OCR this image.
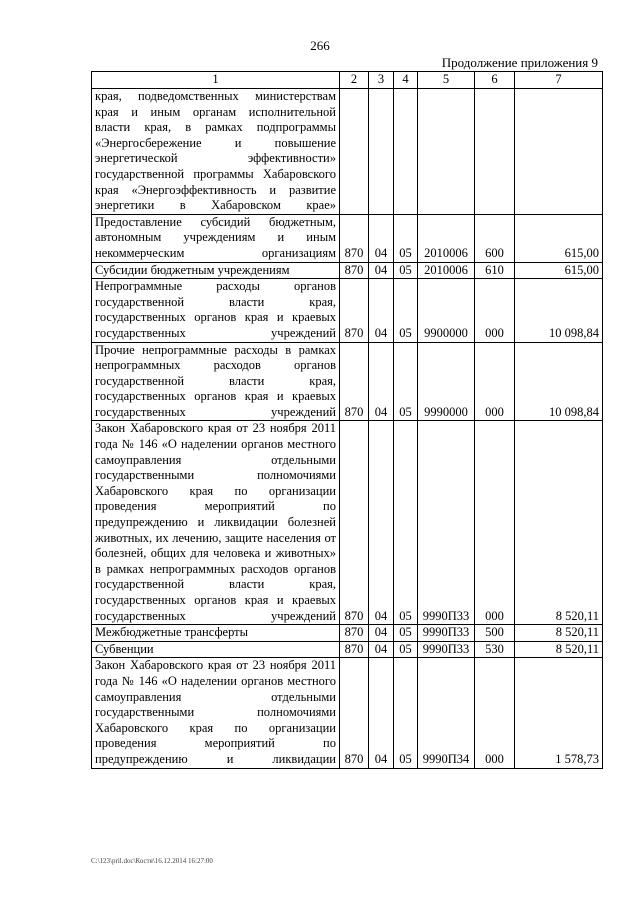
266
Продолжение приложения 9
1	2	3	4	5	6	7
края, подведомственных министерствам края и иным органам исполнительной власти края, в рамках подпрограммы «Энергосбережение и повышение энергетической эффективности» государственной программы Хабаровского края «Энергоэффективность и развитие энергетики в Хабаровском крае»						
Предоставление субсидий бюджетным, автономным учреждениям и иным некоммерческим организациям	870	04	05	2010006	600	615,00
Субсидии бюджетным учреждениям	870	04	05	2010006	610	615,00
Непрограммные расходы органов государственной власти края, государственных органов края и краевых государственных учреждений	870	04	05	9900000	000	10 098,84
Прочие непрограммные расходы в рамках непрограммных расходов органов государственной власти края, государственных органов края и краевых государственных учреждений	870	04	05	9990000	000	10 098,84
Закон Хабаровского края от 23 ноября 2011 года № 146 «О наделении органов местного самоуправления отдельными государственными полномочиями Хабаровского края по организации проведения мероприятий по предупреждению и ликвидации болезней животных, их лечению, защите населения от болезней, общих для человека и животных» в рамках непрограммных расходов органов государственной власти края, государственных органов края и краевых государственных учреждений	870	04	05	9990П33	000	8 520,11
Межбюджетные трансферты	870	04	05	9990П33	500	8 520,11
Субвенции	870	04	05	9990П33	530	8 520,11
Закон Хабаровского края от 23 ноября 2011 года № 146 «О наделении органов местного самоуправления отдельными государственными полномочиями Хабаровского края по организации проведения мероприятий по предупреждению и ликвидации	870	04	05	9990П34	000	1 578,73
C:\123\pril.doc\Костя\16.12.2014 16:27:00
